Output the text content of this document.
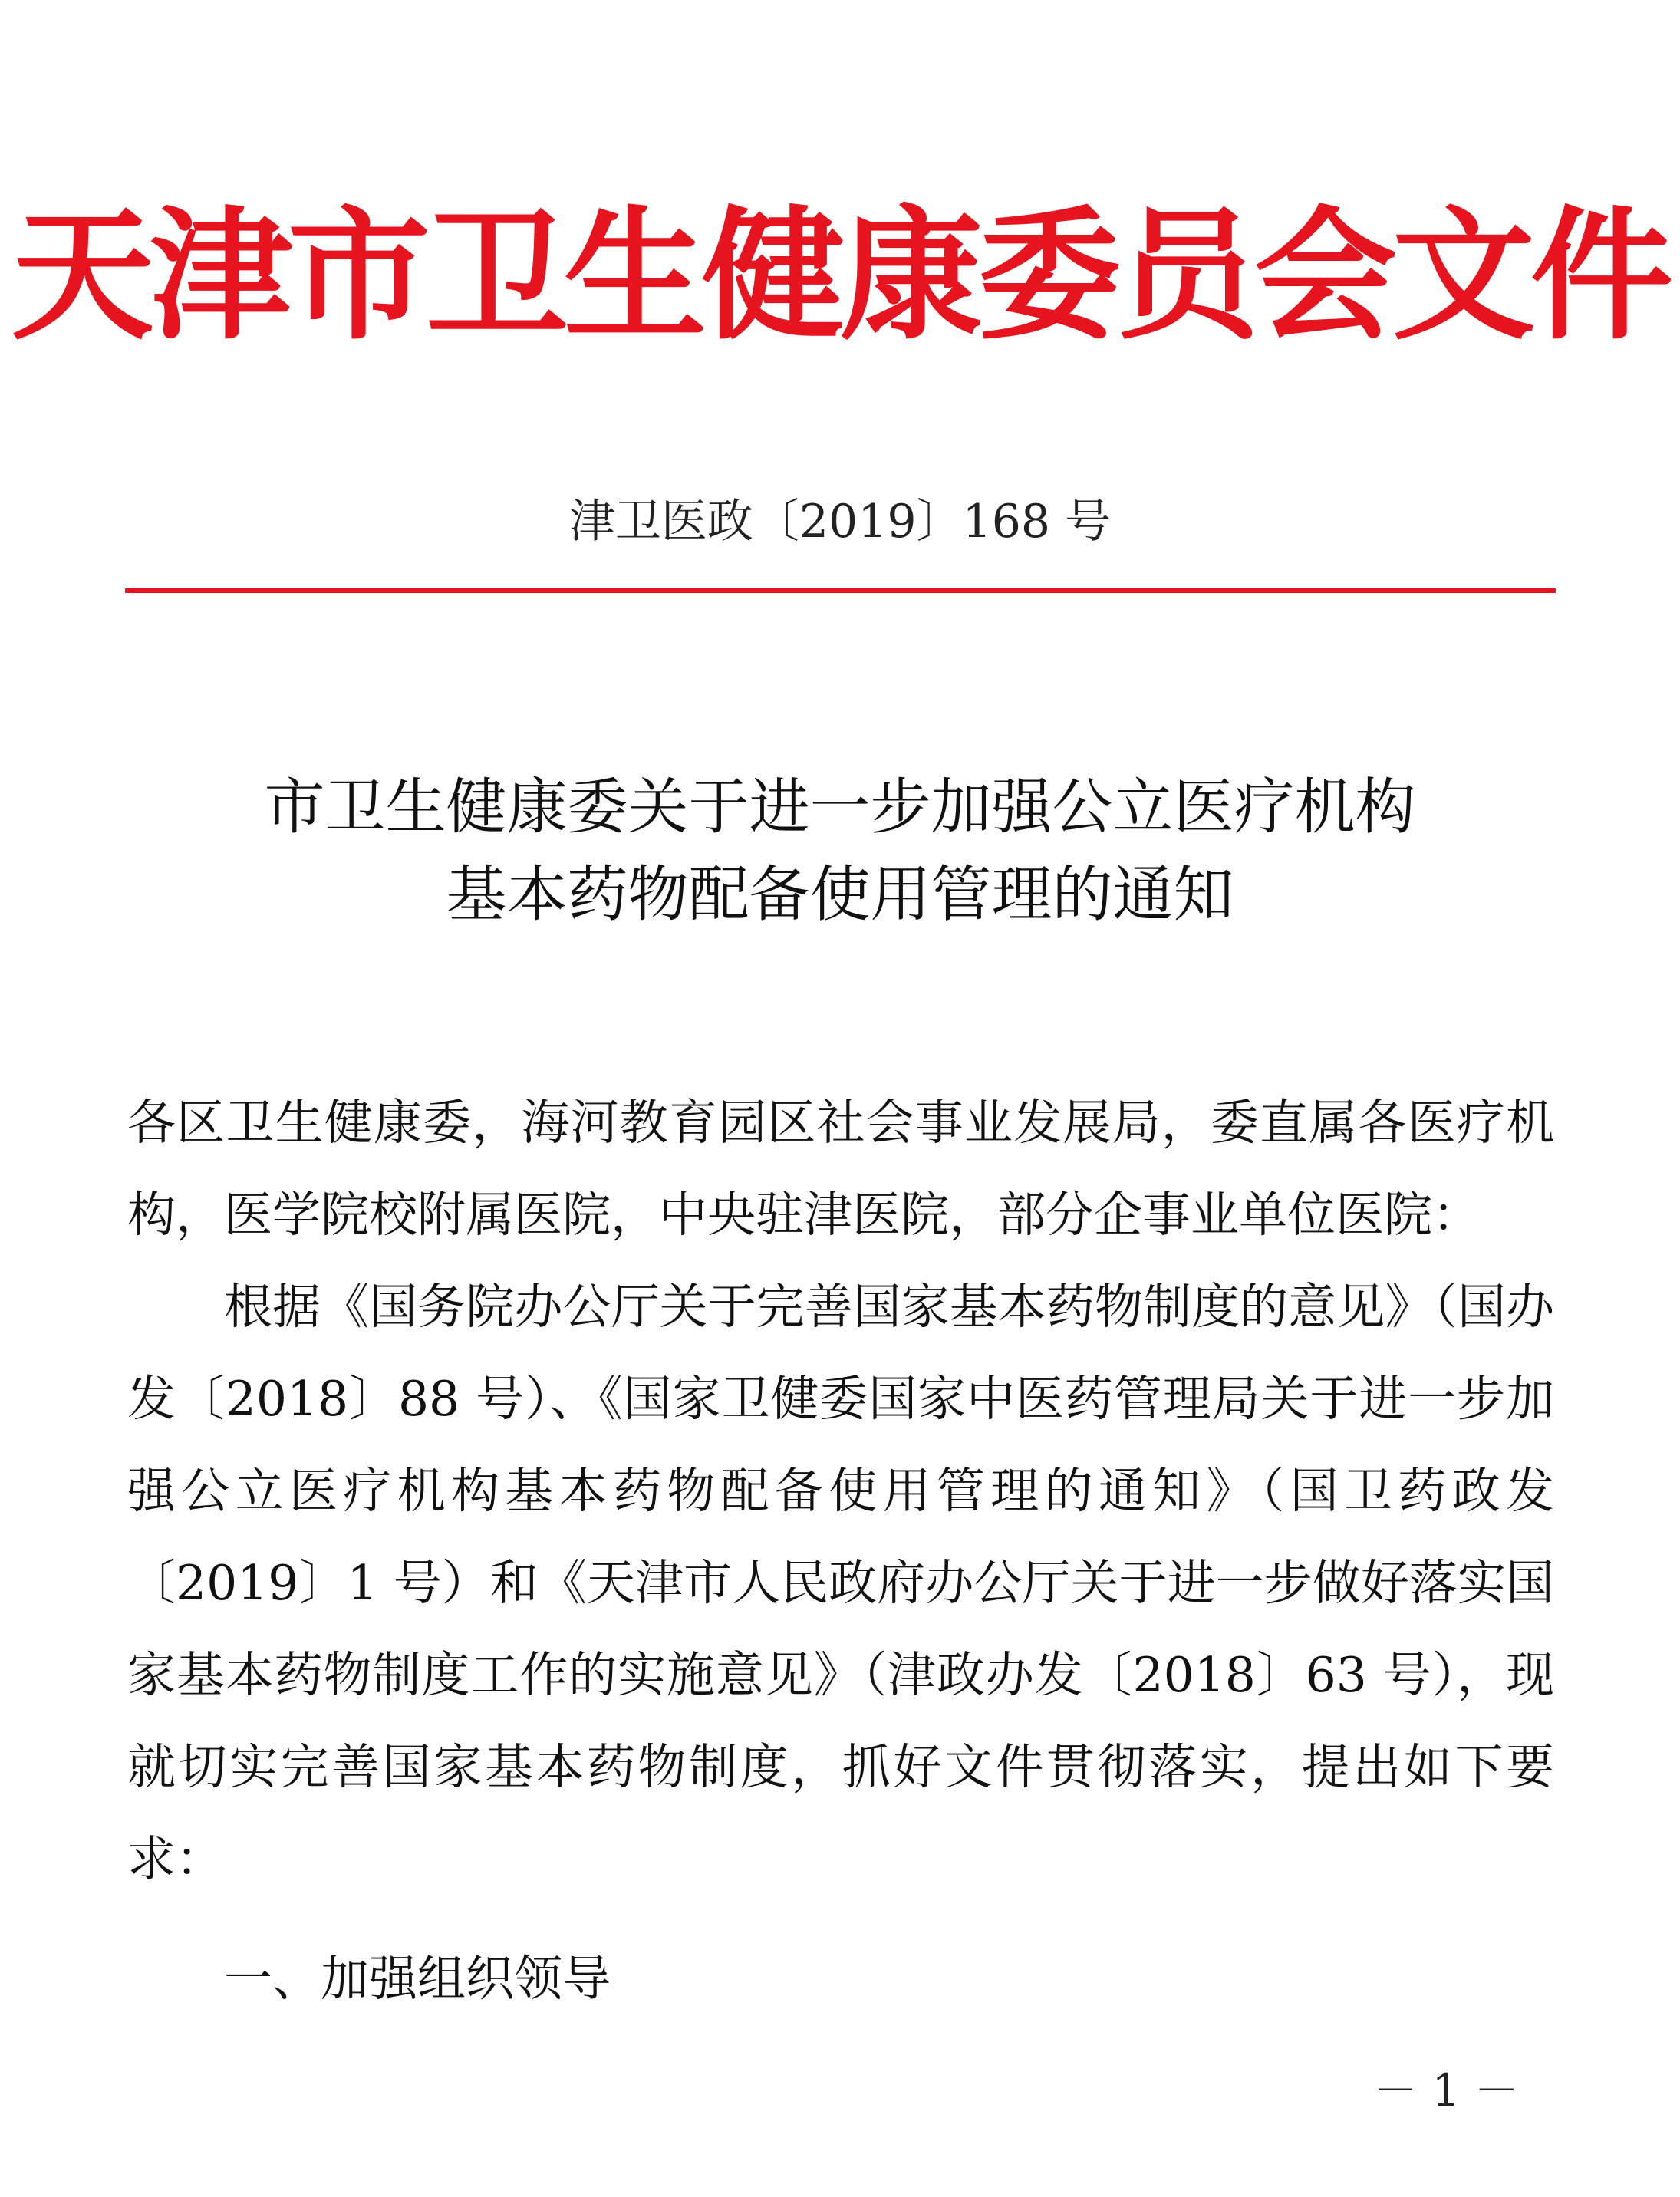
天津市卫生健康委员会文件
津卫医政〔2019〕168 号
市卫生健康委关于进一步加强公立医疗机构
基本药物配备使用管理的通知

各区卫生健康委，海河教育园区社会事业发展局，委直属各医疗机构，医学院校附属医院，中央驻津医院，部分企事业单位医院：

根据《国务院办公厅关于完善国家基本药物制度的意见》（国办发〔2018〕88 号）、《国家卫健委国家中医药管理局关于进一步加强公立医疗机构基本药物配备使用管理的通知》（国卫药政发〔2019〕1 号）和《天津市人民政府办公厅关于进一步做好落实国家基本药物制度工作的实施意见》（津政办发〔2018〕63 号），现就切实完善国家基本药物制度，抓好文件贯彻落实，提出如下要求：

一、加强组织领导
－ 1 －
